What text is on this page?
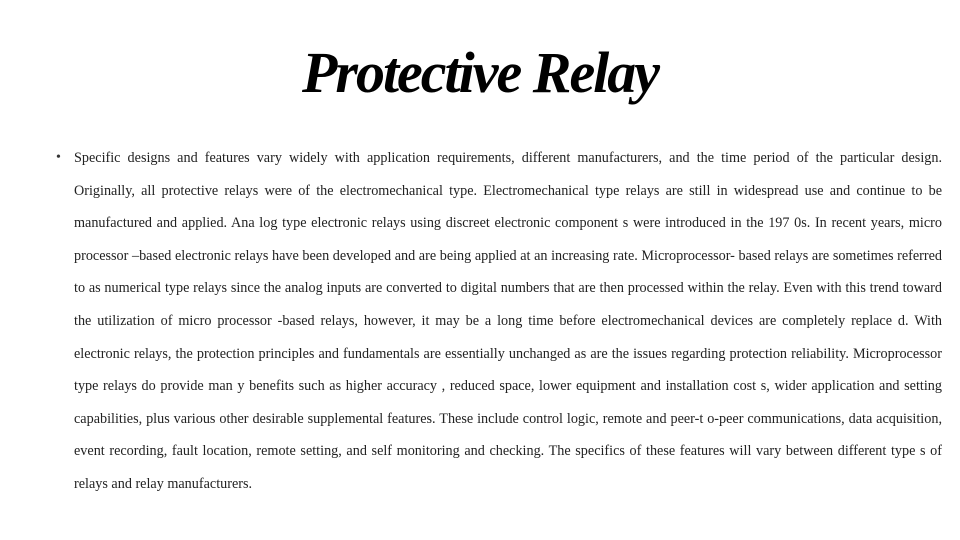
Protective Relay
• Specific designs and features vary widely with application requirements, different manufacturers, and the time period of the particular design. Originally, all protective relays were of the electromechanical type. Electromechanical type relays are still in widespread use and continue to be manufactured and applied. Ana log type electronic relays using discreet electronic component s were introduced in the 197 0s. In recent years, micro processor –based electronic relays have been developed and are being applied at an increasing rate. Microprocessor- based relays are sometimes referred to as numerical type relays since the analog inputs are converted to digital numbers that are then processed within the relay. Even with this trend toward the utilization of micro processor -based relays, however, it may be a long time before electromechanical devices are completely replace d. With electronic relays, the protection principles and fundamentals are essentially unchanged as are the issues regarding protection reliability. Microprocessor type relays do provide man y benefits such as higher accuracy , reduced space, lower equipment and installation cost s, wider application and setting capabilities, plus various other desirable supplemental features. These include control logic, remote and peer-t o-peer communications, data acquisition, event recording, fault location, remote setting, and self monitoring and checking. The specifics of these features will vary between different type s of relays and relay manufacturers.
